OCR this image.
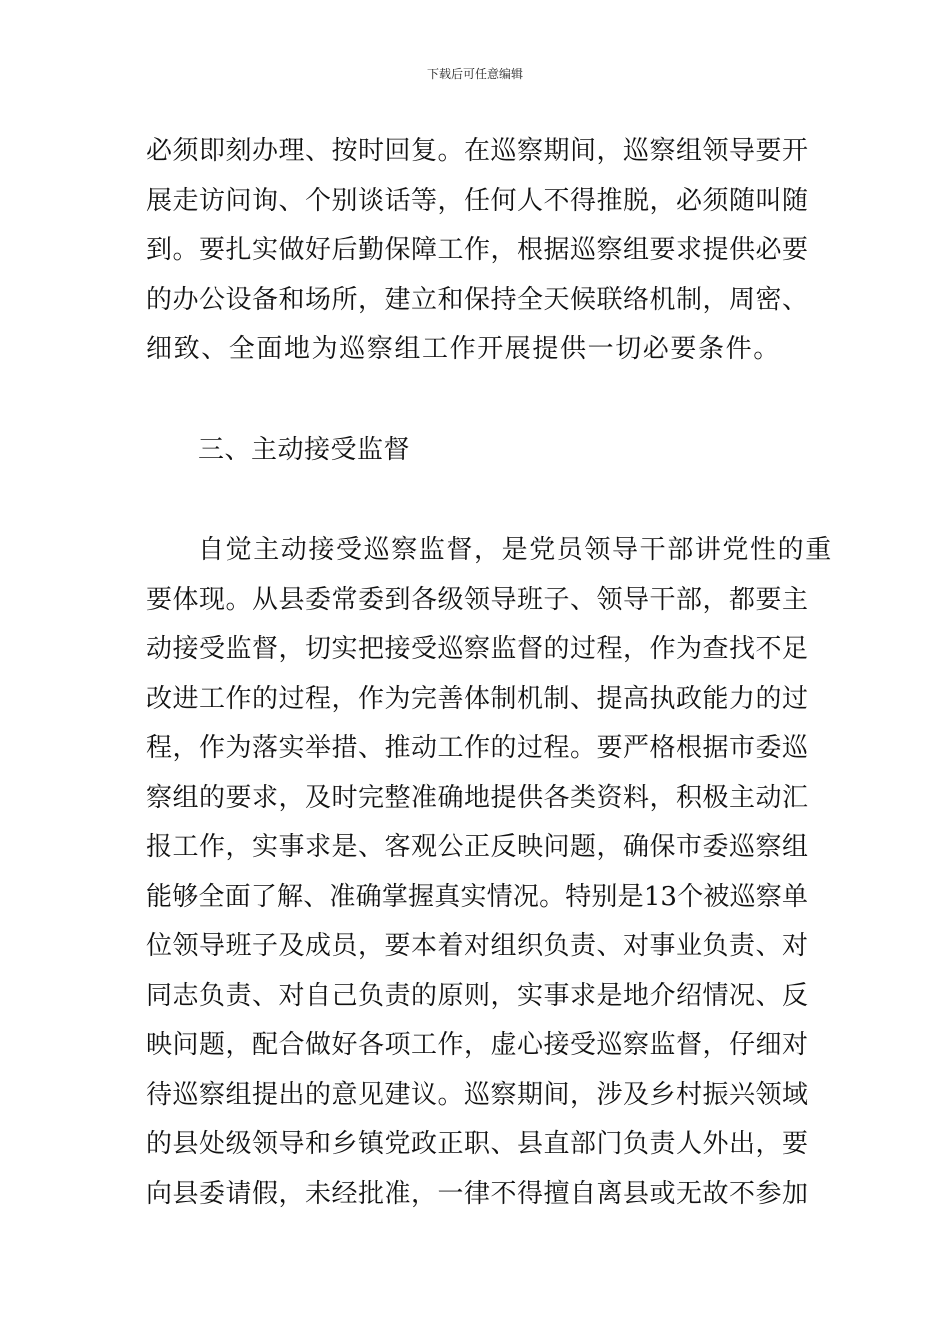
下载后可任意编辑
必须即刻办理、按时回复。在巡察期间，巡察组领导要开
展走访问询、个别谈话等，任何人不得推脱，必须随叫随
到。要扎实做好后勤保障工作，根据巡察组要求提供必要
的办公设备和场所，建立和保持全天候联络机制，周密、
细致、全面地为巡察组工作开展提供一切必要条件。
三、主动接受监督
自觉主动接受巡察监督，是党员领导干部讲党性的重
要体现。从县委常委到各级领导班子、领导干部，都要主
动接受监督，切实把接受巡察监督的过程，作为查找不足
改进工作的过程，作为完善体制机制、提高执政能力的过
程，作为落实举措、推动工作的过程。要严格根据市委巡
察组的要求，及时完整准确地提供各类资料，积极主动汇
报工作，实事求是、客观公正反映问题，确保市委巡察组
能够全面了解、准确掌握真实情况。特别是13个被巡察单
位领导班子及成员，要本着对组织负责、对事业负责、对
同志负责、对自己负责的原则，实事求是地介绍情况、反
映问题，配合做好各项工作，虚心接受巡察监督，仔细对
待巡察组提出的意见建议。巡察期间，涉及乡村振兴领域
的县处级领导和乡镇党政正职、县直部门负责人外出，要
向县委请假，未经批准，一律不得擅自离县或无故不参加
